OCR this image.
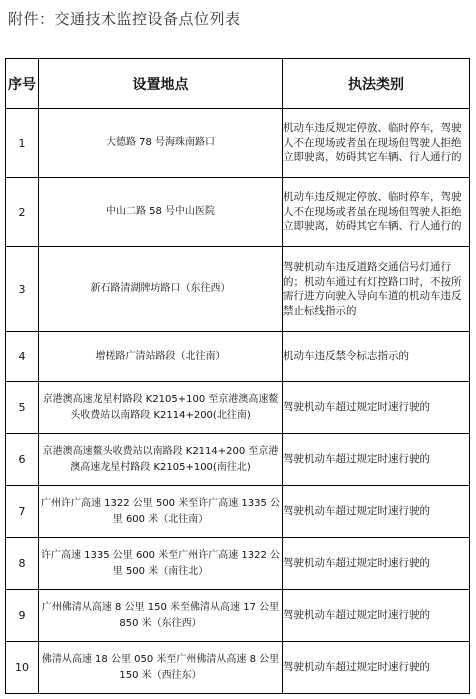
附件：交通技术监控设备点位列表
序号	设置地点	执法类别
1	大德路 78 号海珠南路口	机动车违反规定停放、临时停车，驾驶人不在现场或者虽在现场但驾驶人拒绝立即驶离，妨碍其它车辆、行人通行的
2	中山二路 58 号中山医院	机动车违反规定停放、临时停车，驾驶人不在现场或者虽在现场但驾驶人拒绝立即驶离，妨碍其它车辆、行人通行的
3	新石路清湖牌坊路口（东往西）	驾驶机动车违反道路交通信号灯通行的；机动车通过有灯控路口时，不按所需行进方向驶入导向车道的机动车违反禁止标线指示的
4	增槎路广清站路段（北往南）	机动车违反禁令标志指示的
5	京港澳高速龙星村路段 K2105+100 至京港澳高速鳌头收费站以南路段 K2114+200(北往南)	驾驶机动车超过规定时速行驶的
6	京港澳高速鳌头收费站以南路段 K2114+200 至京港澳高速龙星村路段 K2105+100(南往北)	驾驶机动车超过规定时速行驶的
7	广州许广高速 1322 公里 500 米至许广高速 1335 公里 600 米（北往南）	驾驶机动车超过规定时速行驶的
8	许广高速 1335 公里 600 米至广州许广高速 1322 公里 500 米（南往北）	驾驶机动车超过规定时速行驶的
9	广州佛清从高速 8 公里 150 米至佛清从高速 17 公里 850 米（东往西）	驾驶机动车超过规定时速行驶的
10	佛清从高速 18 公里 050 米至广州佛清从高速 8 公里 150 米（西往东）	驾驶机动车超过规定时速行驶的
